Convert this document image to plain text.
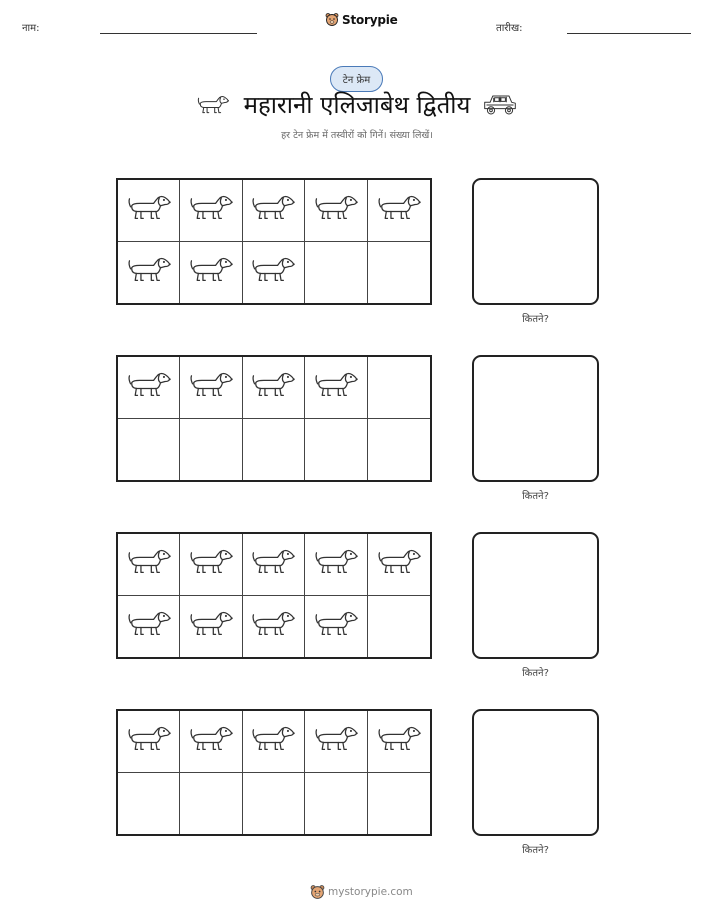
नाम:
Storypie
तारीख:
टेन फ्रेम
महारानी एलिजाबेथ द्वितीय
हर टेन फ्रेम में तस्वीरों को गिनें। संख्या लिखें।
कितने?
कितने?
कितने?
कितने?
mystorypie.com
